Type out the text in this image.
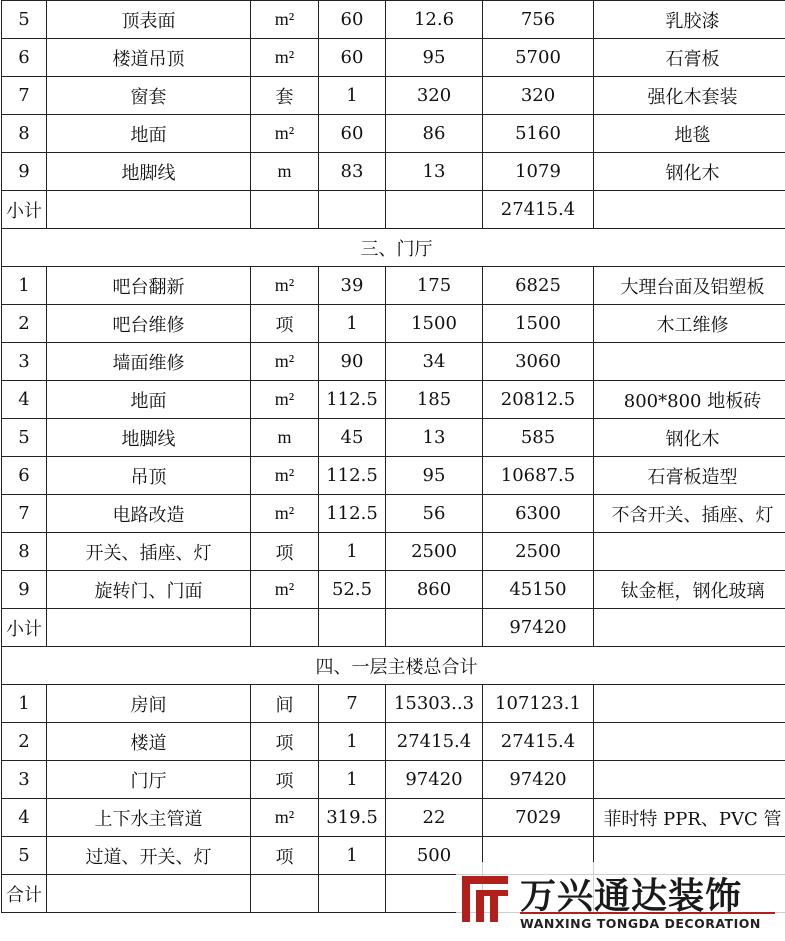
5	顶表面	m²	60	12.6	756	乳胶漆
6	楼道吊顶	m²	60	95	5700	石膏板
7	窗套	套	1	320	320	强化木套装
8	地面	m²	60	86	5160	地毯
9	地脚线	m	83	13	1079	钢化木
小计					27415.4	
三、门厅						
1	吧台翻新	m²	39	175	6825	大理台面及铝塑板
2	吧台维修	项	1	1500	1500	木工维修
3	墙面维修	m²	90	34	3060	
4	地面	m²	112.5	185	20812.5	800*800 地板砖
5	地脚线	m	45	13	585	钢化木
6	吊顶	m²	112.5	95	10687.5	石膏板造型
7	电路改造	m²	112.5	56	6300	不含开关、插座、灯
8	开关、插座、灯	项	1	2500	2500	
9	旋转门、门面	m²	52.5	860	45150	钛金框，钢化玻璃
小计					97420	
四、一层主楼总合计						
1	房间	间	7	15303..3	107123.1	
2	楼道	项	1	27415.4	27415.4	
3	门厅	项	1	97420	97420	
4	上下水主管道	m²	319.5	22	7029	菲时特 PPR、PVC 管
5	过道、开关、灯	项	1	500		
合计							万兴通达装饰
WANXING TONGDA DECORATION
